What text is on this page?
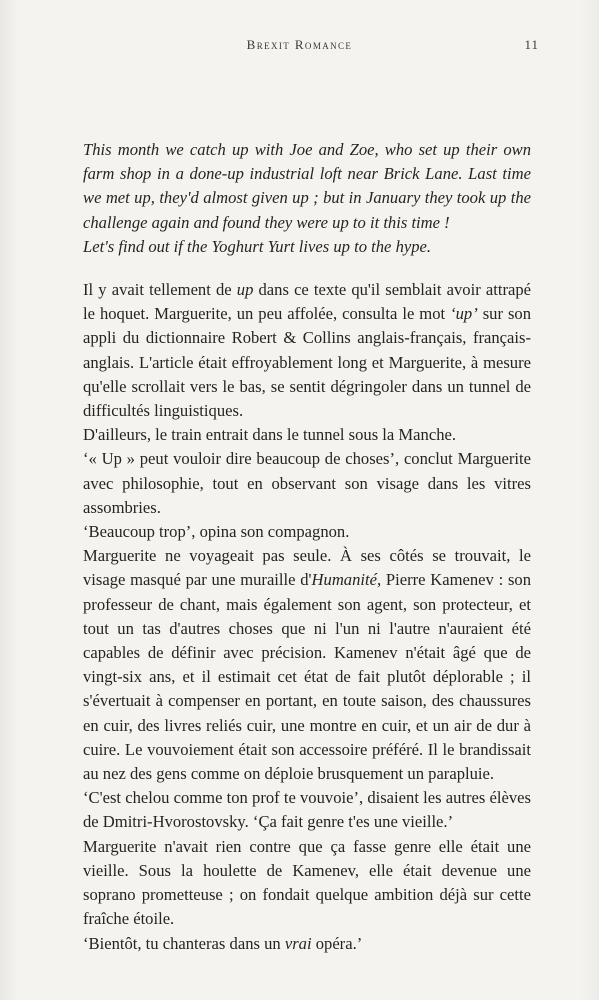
Brexit Romance	11

This month we catch up with Joe and Zoe, who set up their own farm shop in a done-up industrial loft near Brick Lane. Last time we met up, they'd almost given up ; but in January they took up the challenge again and found they were up to it this time !

Let's find out if the Yoghurt Yurt lives up to the hype.

Il y avait tellement de up dans ce texte qu'il semblait avoir attrapé le hoquet. Marguerite, un peu affolée, consulta le mot ‘up’ sur son appli du dictionnaire Robert & Collins anglais-français, français-anglais. L'article était effroyablement long et Marguerite, à mesure qu'elle scrollait vers le bas, se sentit dégringoler dans un tunnel de difficultés linguistiques.

D'ailleurs, le train entrait dans le tunnel sous la Manche.

‘« Up » peut vouloir dire beaucoup de choses’, conclut Marguerite avec philosophie, tout en observant son visage dans les vitres assombries.

‘Beaucoup trop’, opina son compagnon.

Marguerite ne voyageait pas seule. À ses côtés se trouvait, le visage masqué par une muraille d'Humanité, Pierre Kamenev : son professeur de chant, mais également son agent, son protecteur, et tout un tas d'autres choses que ni l'un ni l'autre n'auraient été capables de définir avec précision. Kamenev n'était âgé que de vingt-six ans, et il estimait cet état de fait plutôt déplorable ; il s'évertuait à compenser en portant, en toute saison, des chaussures en cuir, des livres reliés cuir, une montre en cuir, et un air de dur à cuire. Le vouvoiement était son accessoire préféré. Il le brandissait au nez des gens comme on déploie brusquement un parapluie.

‘C'est chelou comme ton prof te vouvoie’, disaient les autres élèves de Dmitri-Hvorostovsky. ‘Ça fait genre t'es une vieille.’

Marguerite n'avait rien contre que ça fasse genre elle était une vieille. Sous la houlette de Kamenev, elle était devenue une soprano prometteuse ; on fondait quelque ambition déjà sur cette fraîche étoile.

‘Bientôt, tu chanteras dans un vrai opéra.’
